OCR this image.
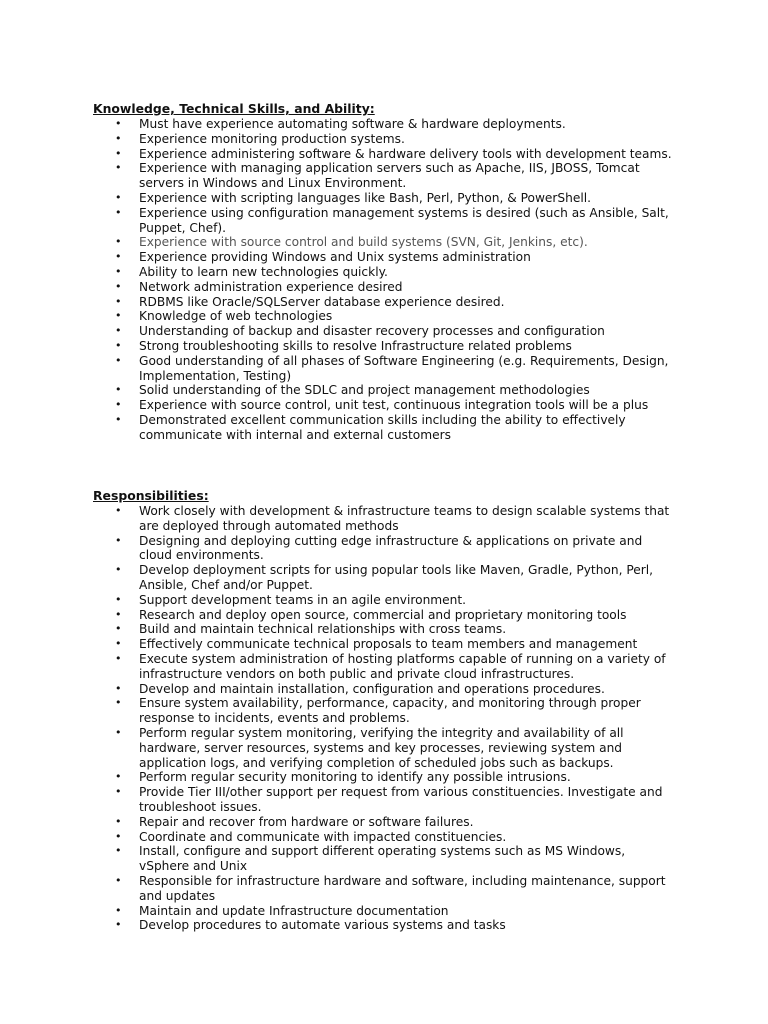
Knowledge, Technical Skills, and Ability:
• Must have experience automating software & hardware deployments.
• Experience monitoring production systems.
• Experience administering software & hardware delivery tools with development teams.
• Experience with managing application servers such as Apache, IIS, JBOSS, Tomcat servers in Windows and Linux Environment.
• Experience with scripting languages like Bash, Perl, Python, & PowerShell.
• Experience using configuration management systems is desired (such as Ansible, Salt, Puppet, Chef).
• Experience with source control and build systems (SVN, Git, Jenkins, etc).
• Experience providing Windows and Unix systems administration
• Ability to learn new technologies quickly.
• Network administration experience desired
• RDBMS like Oracle/SQLServer database experience desired.
• Knowledge of web technologies
• Understanding of backup and disaster recovery processes and configuration
• Strong troubleshooting skills to resolve Infrastructure related problems
• Good understanding of all phases of Software Engineering (e.g. Requirements, Design, Implementation, Testing)
• Solid understanding of the SDLC and project management methodologies
• Experience with source control, unit test, continuous integration tools will be a plus
• Demonstrated excellent communication skills including the ability to effectively communicate with internal and external customers
Responsibilities:
• Work closely with development & infrastructure teams to design scalable systems that are deployed through automated methods
• Designing and deploying cutting edge infrastructure & applications on private and cloud environments.
• Develop deployment scripts for using popular tools like Maven, Gradle, Python, Perl, Ansible, Chef and/or Puppet.
• Support development teams in an agile environment.
• Research and deploy open source, commercial and proprietary monitoring tools
• Build and maintain technical relationships with cross teams.
• Effectively communicate technical proposals to team members and management
• Execute system administration of hosting platforms capable of running on a variety of infrastructure vendors on both public and private cloud infrastructures.
• Develop and maintain installation, configuration and operations procedures.
• Ensure system availability, performance, capacity, and monitoring through proper response to incidents, events and problems.
• Perform regular system monitoring, verifying the integrity and availability of all hardware, server resources, systems and key processes, reviewing system and application logs, and verifying completion of scheduled jobs such as backups.
• Perform regular security monitoring to identify any possible intrusions.
• Provide Tier III/other support per request from various constituencies. Investigate and troubleshoot issues.
• Repair and recover from hardware or software failures.
• Coordinate and communicate with impacted constituencies.
• Install, configure and support different operating systems such as MS Windows, vSphere and Unix
• Responsible for infrastructure hardware and software, including maintenance, support and updates
• Maintain and update Infrastructure documentation
• Develop procedures to automate various systems and tasks
